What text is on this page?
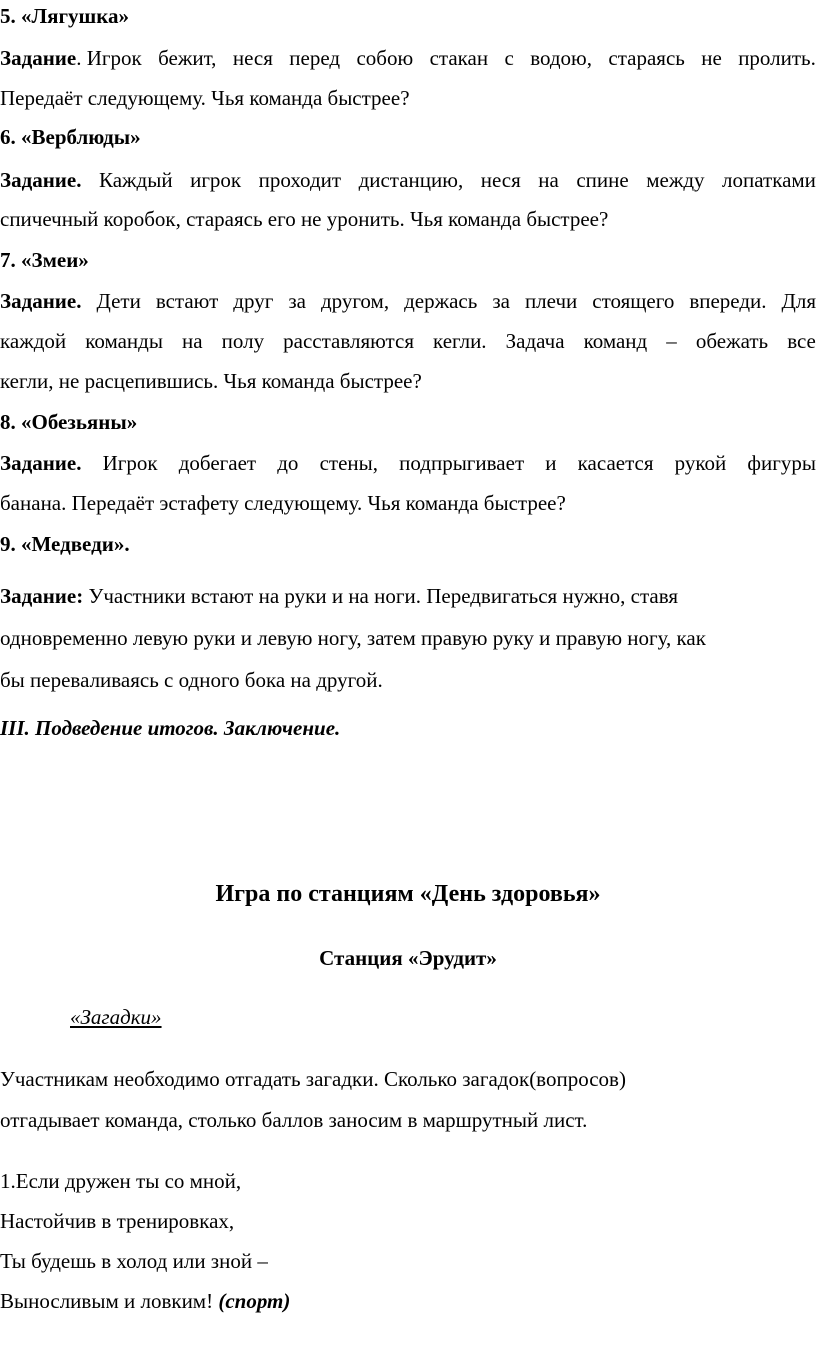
5. «Лягушка»
Задание. Игрок бежит, неся перед собою стакан с водою, стараясь не пролить.
Передаёт следующему. Чья команда быстрее?
6. «Верблюды»
Задание. Каждый игрок проходит дистанцию, неся на спине между лопатками
спичечный коробок, стараясь его не уронить. Чья команда быстрее?
7. «Змеи»
Задание. Дети встают друг за другом, держась за плечи стоящего впереди. Для
каждой команды на полу расставляются кегли. Задача команд – обежать все
кегли, не расцепившись. Чья команда быстрее?
8. «Обезьяны»
Задание. Игрок добегает до стены, подпрыгивает и касается рукой фигуры
банана. Передаёт эстафету следующему. Чья команда быстрее?
9. «Медведи».
Задание: Участники встают на руки и на ноги. Передвигаться нужно, ставя
одновременно левую руки и левую ногу, затем правую руку и правую ногу, как
бы переваливаясь с одного бока на другой.
III. Подведение итогов. Заключение.
Игра по станциям «День здоровья»
Станция «Эрудит»
«Загадки»
Участникам необходимо отгадать загадки. Сколько загадок(вопросов)
отгадывает команда, столько баллов заносим в маршрутный лист.
1.Если дружен ты со мной,
Настойчив в тренировках,
Ты будешь в холод или зной –
Выносливым и ловким! (спорт)
